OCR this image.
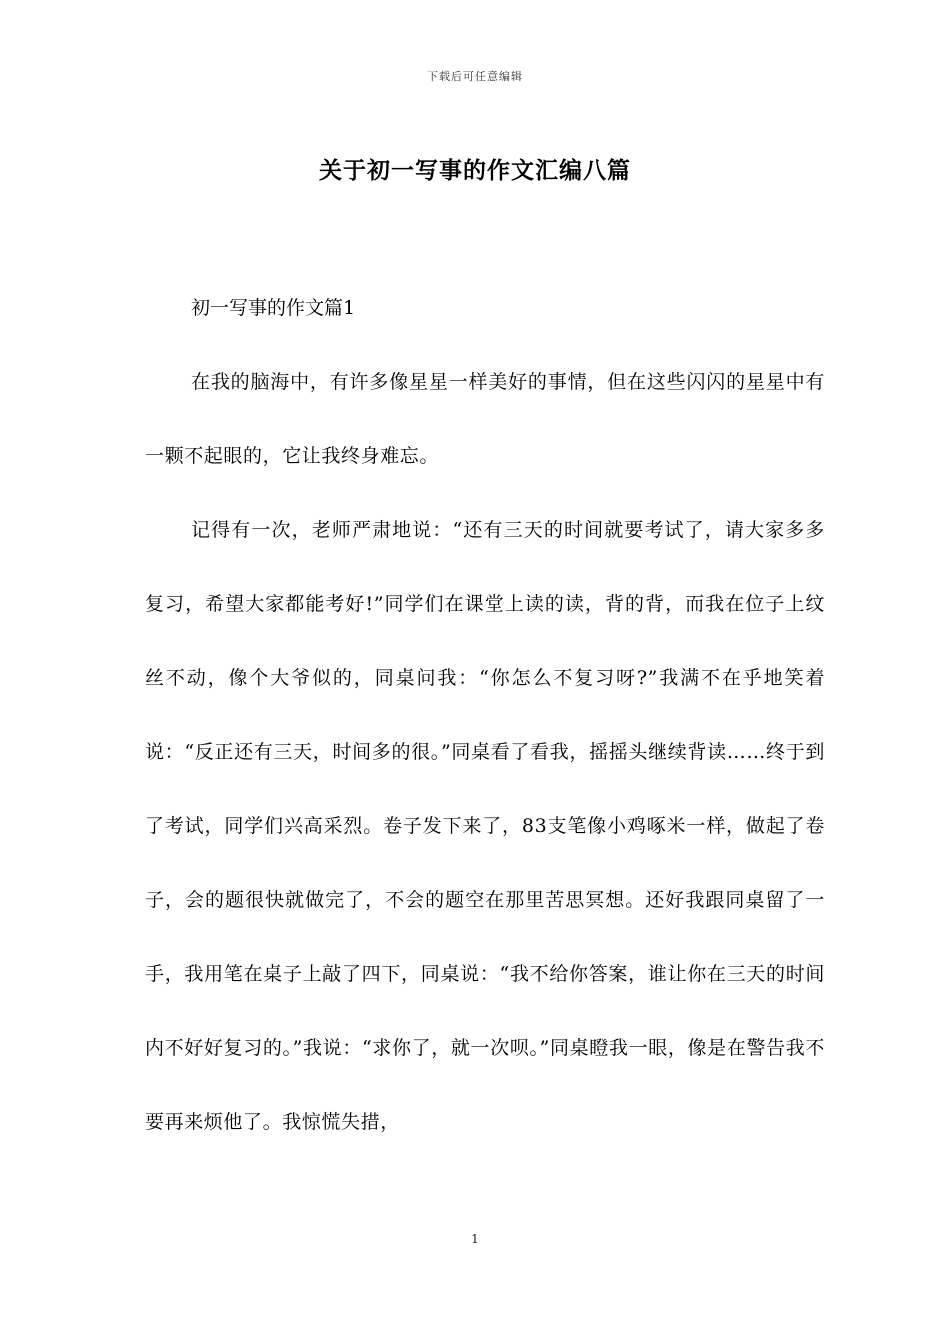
下载后可任意编辑
关于初一写事的作文汇编八篇

初一写事的作文篇1

在我的脑海中，有许多像星星一样美好的事情，但在这些闪闪的星星中有一颗不起眼的，它让我终身难忘。

记得有一次，老师严肃地说：“还有三天的时间就要考试了，请大家多多复习，希望大家都能考好!”同学们在课堂上读的读，背的背，而我在位子上纹丝不动，像个大爷似的，同桌问我：“你怎么不复习呀?”我满不在乎地笑着说：“反正还有三天，时间多的很。”同桌看了看我，摇摇头继续背读……终于到了考试，同学们兴高采烈。卷子发下来了，83支笔像小鸡啄米一样，做起了卷子，会的题很快就做完了，不会的题空在那里苦思冥想。还好我跟同桌留了一手，我用笔在桌子上敲了四下，同桌说：“我不给你答案，谁让你在三天的时间内不好好复习的。”我说：“求你了，就一次呗。”同桌瞪我一眼，像是在警告我不要再来烦他了。我惊慌失措，

1
